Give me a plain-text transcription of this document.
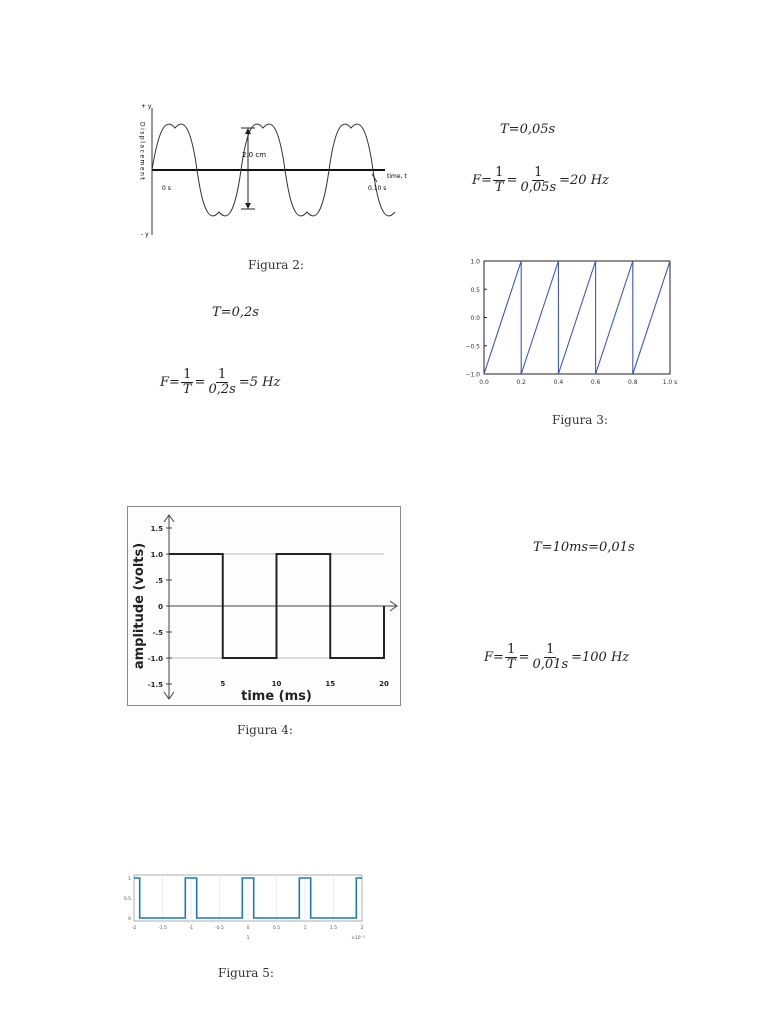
+ y
- y
Displacement	2.0 cm
time, t
0 s	0.10 s
Figura 2:
T=0,05s
$F= \frac{1}{T} = \frac{1}{0,05s} =20$ Hz
T=0,2s
$F= \frac{1}{T} = \frac{1}{0,2s} =5$ Hz
1.0
0.5
0.0
−0.5
−1.0
0.0	0.2	0.4	0.6	0.8	1.0 s
Figura 3:
1.5
1.0
.5
0
-.5
-1.0
-1.5	5	10	15	20
time (ms)
amplitude (volts)
Figura 4:
T=10ms=0,01s
$F= \frac{1}{T} = \frac{1}{0,01s} =100$ Hz
1
0.5
0
-2	-1.5	-1	-0.5	0	0.5	1	1.5	2
1	×10⁻³
Figura 5:
